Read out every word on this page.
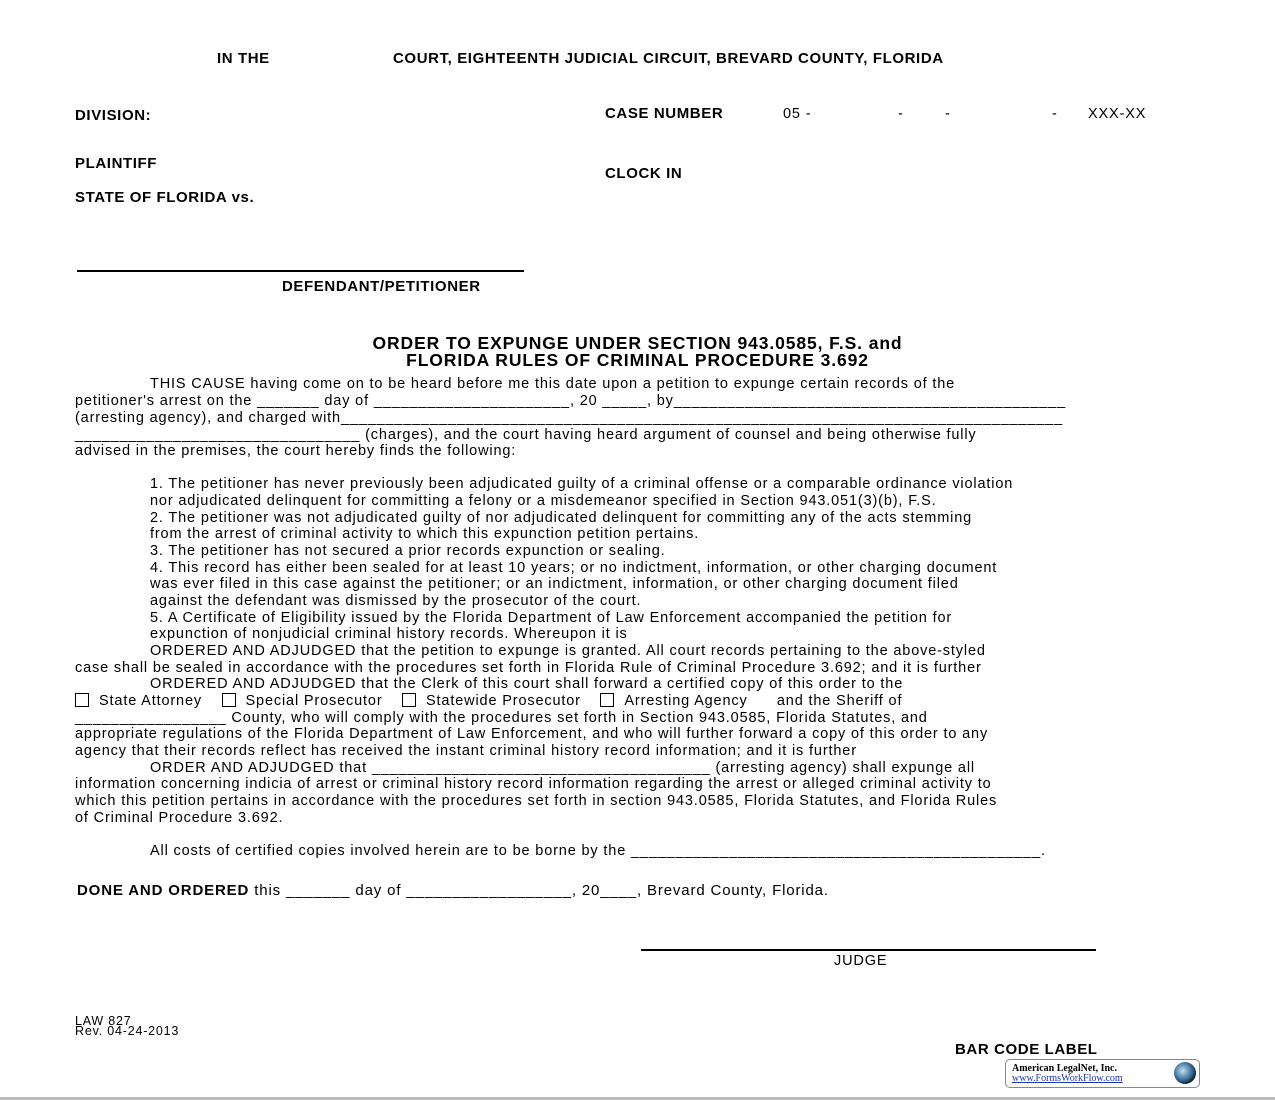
IN THE	COURT, EIGHTEENTH JUDICIAL CIRCUIT, BREVARD COUNTY, FLORIDA
DIVISION:	CASE NUMBER	05 -	-	-	- XXX-XX
PLAINTIFF
CLOCK IN
STATE OF FLORIDA vs.
DEFENDANT/PETITIONER
ORDER TO EXPUNGE UNDER SECTION 943.0585, F.S. and
FLORIDA RULES OF CRIMINAL PROCEDURE 3.692
THIS CAUSE having come on to be heard before me this date upon a petition to expunge certain records of the
petitioner's arrest on the _______ day of ______________________, 20 _____, by____________________________________________
(arresting agency), and charged with_________________________________________________________________________________
________________________________ (charges), and the court having heard argument of counsel and being otherwise fully
advised in the premises, the court hereby finds the following:
1. The petitioner has never previously been adjudicated guilty of a criminal offense or a comparable ordinance violation
nor adjudicated delinquent for committing a felony or a misdemeanor specified in Section 943.051(3)(b), F.S.
2. The petitioner was not adjudicated guilty of nor adjudicated delinquent for committing any of the acts stemming
from the arrest of criminal activity to which this expunction petition pertains.
3. The petitioner has not secured a prior records expunction or sealing.
4. This record has either been sealed for at least 10 years; or no indictment, information, or other charging document
was ever filed in this case against the petitioner; or an indictment, information, or other charging document filed
against the defendant was dismissed by the prosecutor of the court.
5. A Certificate of Eligibility issued by the Florida Department of Law Enforcement accompanied the petition for
expunction of nonjudicial criminal history records. Whereupon it is
ORDERED AND ADJUDGED that the petition to expunge is granted. All court records pertaining to the above-styled
case shall be sealed in accordance with the procedures set forth in Florida Rule of Criminal Procedure 3.692; and it is further
ORDERED AND ADJUDGED that the Clerk of this court shall forward a certified copy of this order to the
_________________ County, who will comply with the procedures set forth in Section 943.0585, Florida Statutes, and
appropriate regulations of the Florida Department of Law Enforcement, and who will further forward a copy of this order to any
agency that their records reflect has received the instant criminal history record information; and it is further
ORDER AND ADJUDGED that ______________________________________ (arresting agency) shall expunge all
information concerning indicia of arrest or criminal history record information regarding the arrest or alleged criminal activity to
which this petition pertains in accordance with the procedures set forth in section 943.0585, Florida Statutes, and Florida Rules
of Criminal Procedure 3.692.
All costs of certified copies involved herein are to be borne by the ______________________________________________.
State Attorney	Special Prosecutor	Statewide Prosecutor	Arresting Agency and the Sheriff of
DONE AND ORDERED this _______ day of __________________, 20____, Brevard County, Florida.
JUDGE
LAW 827
Rev. 04-24-2013
BAR CODE LABEL
American LegalNet, Inc.
www.FormsWorkFlow.com
